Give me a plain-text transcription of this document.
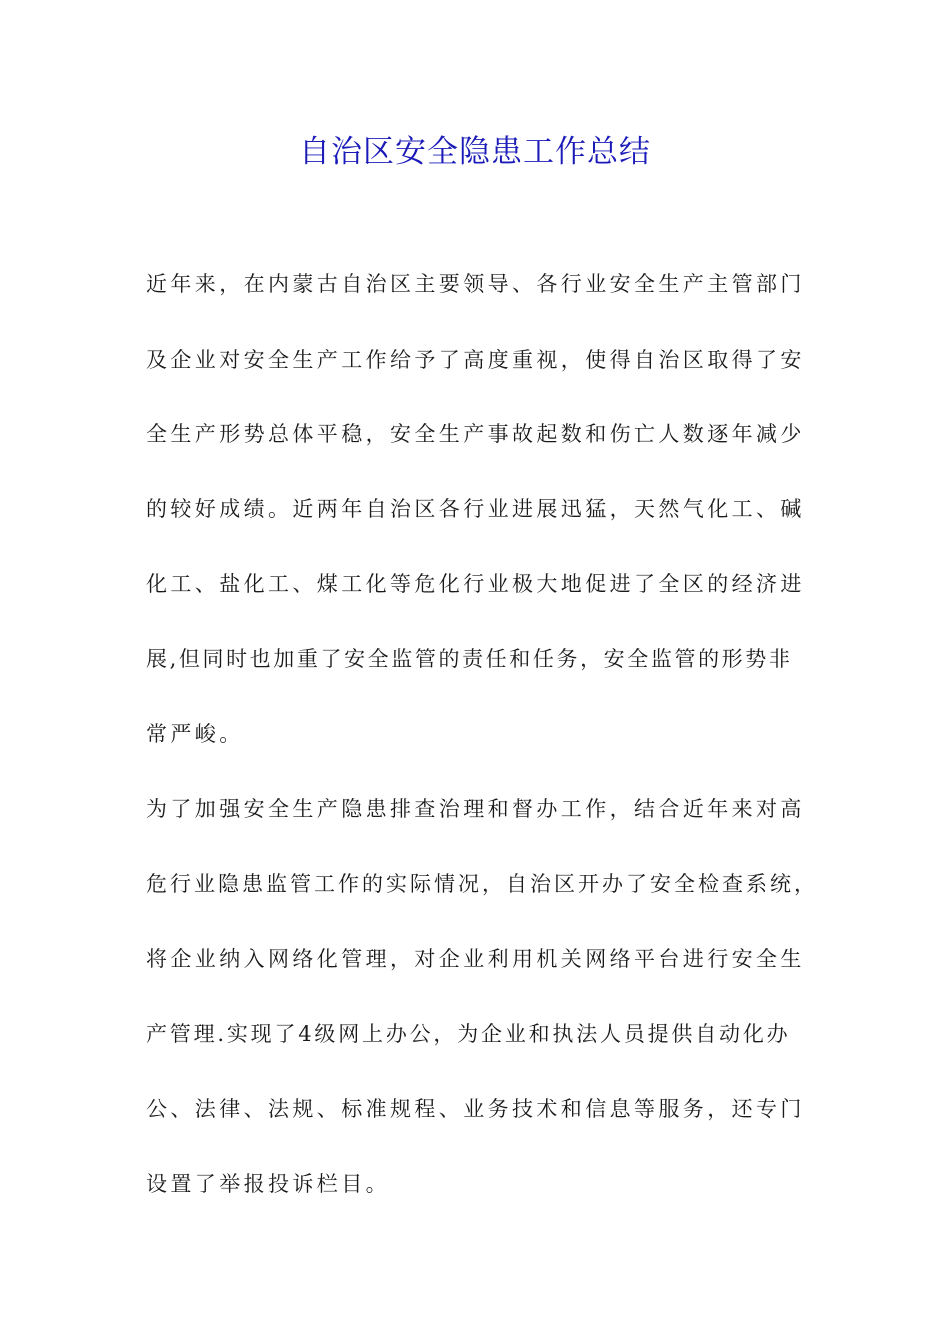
自治区安全隐患工作总结
近年来，在内蒙古自治区主要领导、各行业安全生产主管部门
及企业对安全生产工作给予了高度重视，使得自治区取得了安
全生产形势总体平稳，安全生产事故起数和伤亡人数逐年减少
的较好成绩。近两年自治区各行业进展迅猛，天然气化工、碱
化工、盐化工、煤工化等危化行业极大地促进了全区的经济进
展,但同时也加重了安全监管的责任和任务，安全监管的形势非
常严峻。
为了加强安全生产隐患排查治理和督办工作，结合近年来对高
危行业隐患监管工作的实际情况，自治区开办了安全检查系统，
将企业纳入网络化管理，对企业利用机关网络平台进行安全生
产管理.实现了4级网上办公，为企业和执法人员提供自动化办
公、法律、法规、标准规程、业务技术和信息等服务，还专门
设置了举报投诉栏目。
